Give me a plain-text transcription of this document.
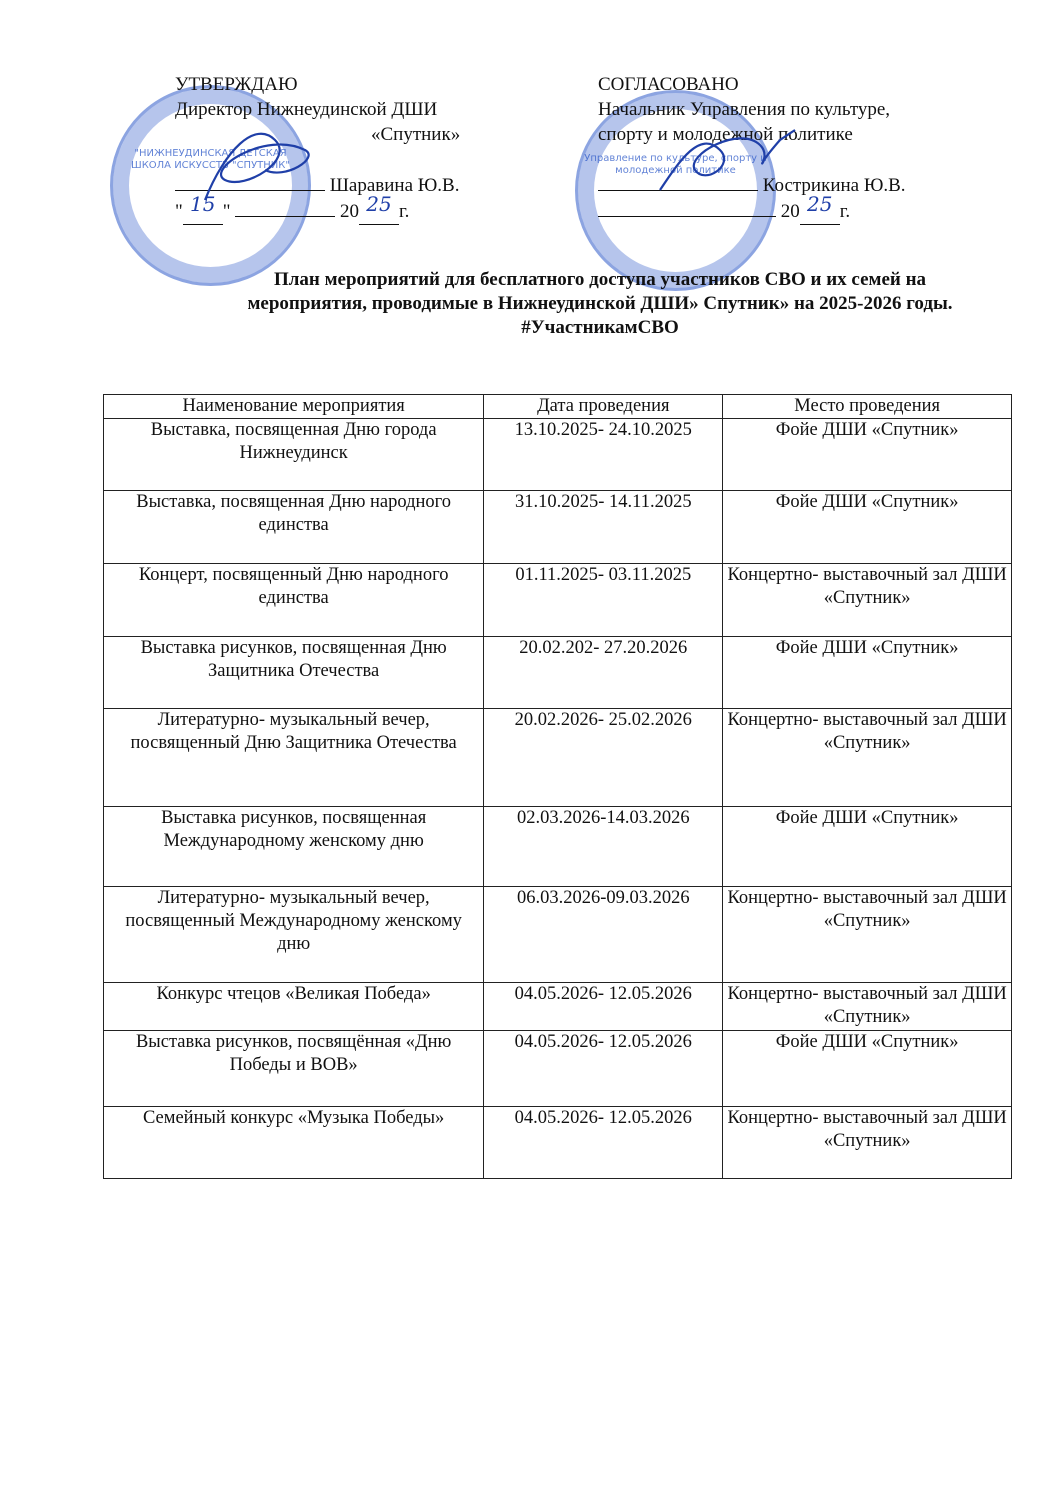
"НИЖНЕУДИНСКАЯ ДЕТСКАЯ ШКОЛА ИСКУССТВ "СПУТНИК"
Управление по культуре, спорту и молодежной политике
УТВЕРЖДАЮ
Директор Нижнеудинской ДШИ
«Спутник»
Шаравина Ю.В.
" 15 "	20 25 г.
СОГЛАСОВАНО
Начальник Управления по культуре,
спорту и молодежной политике
Кострикина Ю.В.
20 25 г.
План мероприятий для бесплатного доступа участников СВО и их семей на
мероприятия, проводимые в Нижнеудинской ДШИ» Спутник» на 2025-2026 годы.
#УчастникамСВО
Наименование мероприятия	Дата проведения	Место проведения
Выставка, посвященная Дню города Нижнеудинск	13.10.2025- 24.10.2025	Фойе ДШИ «Спутник»
Выставка, посвященная Дню народного единства	31.10.2025- 14.11.2025	Фойе ДШИ «Спутник»
Концерт, посвященный Дню народного единства	01.11.2025- 03.11.2025	Концертно- выставочный зал ДШИ «Спутник»
Выставка рисунков, посвященная Дню Защитника Отечества	20.02.202- 27.20.2026	Фойе ДШИ «Спутник»
Литературно- музыкальный вечер, посвященный Дню Защитника Отечества	20.02.2026- 25.02.2026	Концертно- выставочный зал ДШИ «Спутник»
Выставка рисунков, посвященная Международному женскому дню	02.03.2026-14.03.2026	Фойе ДШИ «Спутник»
Литературно- музыкальный вечер, посвященный Международному женскому дню	06.03.2026-09.03.2026	Концертно- выставочный зал ДШИ «Спутник»
Конкурс чтецов «Великая Победа»	04.05.2026- 12.05.2026	Концертно- выставочный зал ДШИ «Спутник»
Выставка рисунков, посвящённая «Дню Победы и ВОВ»	04.05.2026- 12.05.2026	Фойе ДШИ «Спутник»
Семейный конкурс «Музыка Победы»	04.05.2026- 12.05.2026	Концертно- выставочный зал ДШИ «Спутник»
